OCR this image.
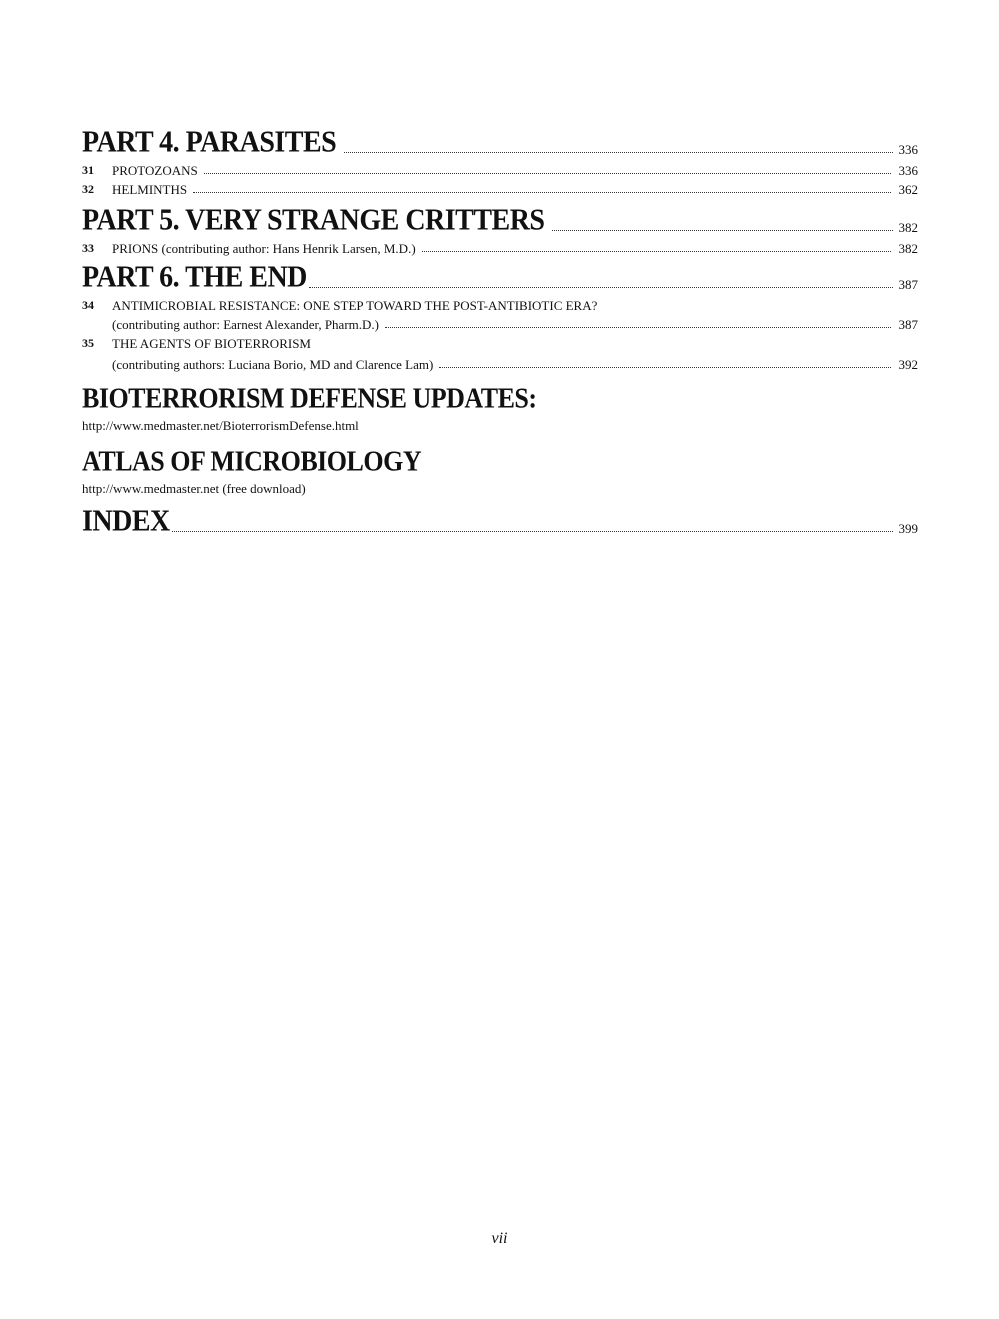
PART 4. PARASITES	336
31	PROTOZOANS	336
32	HELMINTHS	362
PART 5. VERY STRANGE CRITTERS	382
33	PRIONS (contributing author: Hans Henrik Larsen, M.D.)	382
PART 6. THE END	387
34	ANTIMICROBIAL RESISTANCE: ONE STEP TOWARD THE POST-ANTIBIOTIC ERA?
(contributing author: Earnest Alexander, Pharm.D.)	387
35	THE AGENTS OF BIOTERRORISM
(contributing authors: Luciana Borio, MD and Clarence Lam)	392
BIOTERRORISM DEFENSE UPDATES:
http://www.medmaster.net/BioterrorismDefense.html
ATLAS OF MICROBIOLOGY
http://www.medmaster.net (free download)
INDEX	399
vii
